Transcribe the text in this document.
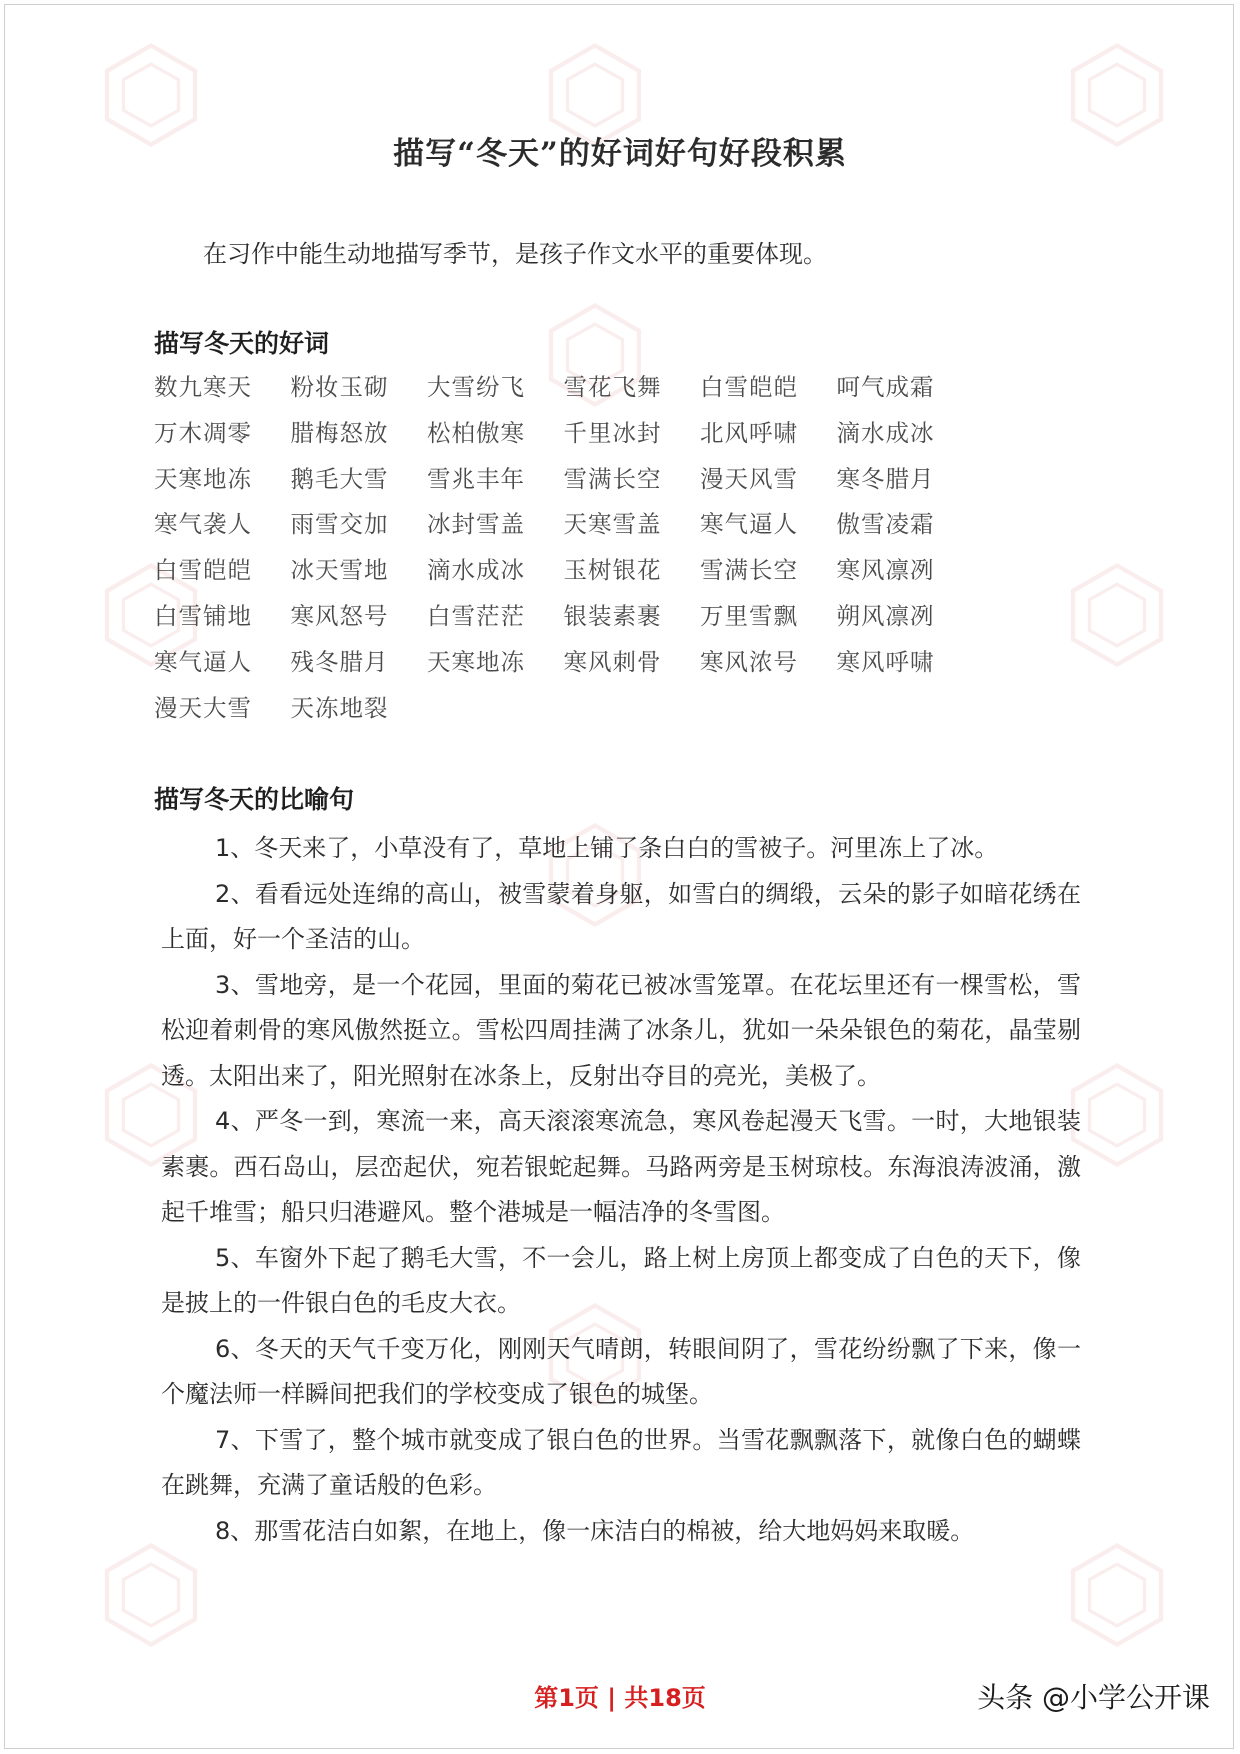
描写“冬天”的好词好句好段积累
在习作中能生动地描写季节，是孩子作文水平的重要体现。
描写冬天的好词
数九寒天	粉妆玉砌	大雪纷飞	雪花飞舞	白雪皑皑	呵气成霜
万木凋零	腊梅怒放	松柏傲寒	千里冰封	北风呼啸	滴水成冰
天寒地冻	鹅毛大雪	雪兆丰年	雪满长空	漫天风雪	寒冬腊月
寒气袭人	雨雪交加	冰封雪盖	天寒雪盖	寒气逼人	傲雪凌霜
白雪皑皑	冰天雪地	滴水成冰	玉树银花	雪满长空	寒风凛冽
白雪铺地	寒风怒号	白雪茫茫	银装素裹	万里雪飘	朔风凛冽
寒气逼人	残冬腊月	天寒地冻	寒风刺骨	寒风浓号	寒风呼啸
漫天大雪	天冻地裂
描写冬天的比喻句

1、冬天来了，小草没有了，草地上铺了条白白的雪被子。河里冻上了冰。

2、看看远处连绵的高山，被雪蒙着身躯，如雪白的绸缎，云朵的影子如暗花绣在上面，好一个圣洁的山。

3、雪地旁，是一个花园，里面的菊花已被冰雪笼罩。在花坛里还有一棵雪松，雪松迎着刺骨的寒风傲然挺立。雪松四周挂满了冰条儿，犹如一朵朵银色的菊花，晶莹剔透。太阳出来了，阳光照射在冰条上，反射出夺目的亮光，美极了。

4、严冬一到，寒流一来，高天滚滚寒流急，寒风卷起漫天飞雪。一时，大地银装素裹。西石岛山，层峦起伏，宛若银蛇起舞。马路两旁是玉树琼枝。东海浪涛波涌，激起千堆雪；船只归港避风。整个港城是一幅洁净的冬雪图。

5、车窗外下起了鹅毛大雪，不一会儿，路上树上房顶上都变成了白色的天下，像是披上的一件银白色的毛皮大衣。

6、冬天的天气千变万化，刚刚天气晴朗，转眼间阴了，雪花纷纷飘了下来，像一个魔法师一样瞬间把我们的学校变成了银色的城堡。

7、下雪了，整个城市就变成了银白色的世界。当雪花飘飘落下，就像白色的蝴蝶在跳舞，充满了童话般的色彩。

8、那雪花洁白如絮，在地上，像一床洁白的棉被，给大地妈妈来取暖。

第1页 | 共18页	头条 @小学公开课
